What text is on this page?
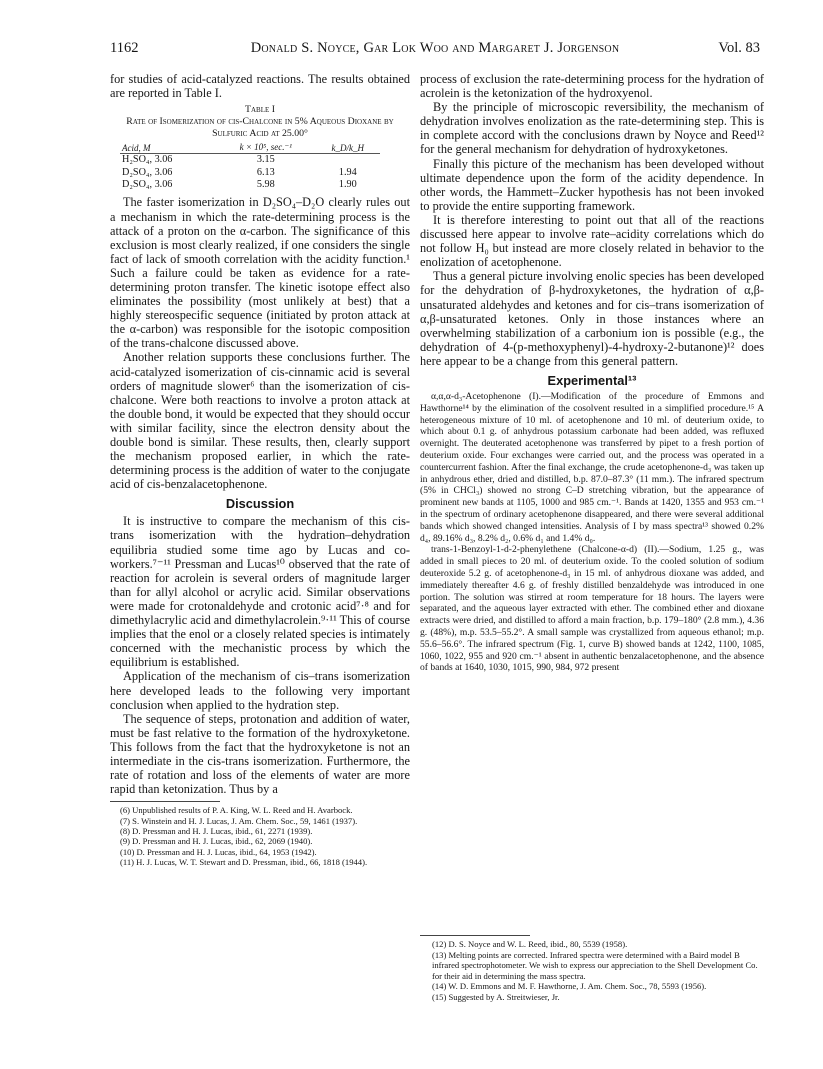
1162	Donald S. Noyce, Gar Lok Woo and Margaret J. Jorgenson	Vol. 83

for studies of acid-catalyzed reactions. The results obtained are reported in Table I.

Table I
Rate of Isomerization of cis-Chalcone in 5% Aqueous Dioxane by Sulfuric Acid at 25.00°
Acid, M	k × 10⁵, sec.⁻¹	k_D/k_H
H₂SO₄, 3.06	3.15	
D₂SO₄, 3.06	6.13	1.94
D₂SO₄, 3.06	5.98	1.90

The faster isomerization in D₂SO₄–D₂O clearly rules out a mechanism in which the rate-determining process is the attack of a proton on the α-carbon. The significance of this exclusion is most clearly realized, if one considers the single fact of lack of smooth correlation with the acidity function.¹ Such a failure could be taken as evidence for a rate-determining proton transfer. The kinetic isotope effect also eliminates the possibility (most unlikely at best) that a highly stereospecific sequence (initiated by proton attack at the α-carbon) was responsible for the isotopic composition of the trans-chalcone discussed above.

Another relation supports these conclusions further. The acid-catalyzed isomerization of cis-cinnamic acid is several orders of magnitude slower⁶ than the isomerization of cis-chalcone. Were both reactions to involve a proton attack at the double bond, it would be expected that they should occur with similar facility, since the electron density about the double bond is similar. These results, then, clearly support the mechanism proposed earlier, in which the rate-determining process is the addition of water to the conjugate acid of cis-benzalacetophenone.

Discussion

It is instructive to compare the mechanism of this cis-trans isomerization with the hydration–dehydration equilibria studied some time ago by Lucas and co-workers.⁷⁻¹¹ Pressman and Lucas¹⁰ observed that the rate of reaction for acrolein is several orders of magnitude larger than for allyl alcohol or acrylic acid. Similar observations were made for crotonaldehyde and crotonic acid⁷·⁸ and for dimethylacrylic acid and dimethylacrolein.⁹·¹¹ This of course implies that the enol or a closely related species is intimately concerned with the mechanistic process by which the equilibrium is established.

Application of the mechanism of cis–trans isomerization here developed leads to the following very important conclusion when applied to the hydration step.

The sequence of steps, protonation and addition of water, must be fast relative to the formation of the hydroxyketone. This follows from the fact that the hydroxyketone is not an intermediate in the cis-trans isomerization. Furthermore, the rate of rotation and loss of the elements of water are more rapid than ketonization. Thus by a

(6) Unpublished results of P. A. King, W. L. Reed and H. Avarbock.

(7) S. Winstein and H. J. Lucas, J. Am. Chem. Soc., 59, 1461 (1937).

(8) D. Pressman and H. J. Lucas, ibid., 61, 2271 (1939).

(9) D. Pressman and H. J. Lucas, ibid., 62, 2069 (1940).

(10) D. Pressman and H. J. Lucas, ibid., 64, 1953 (1942).

(11) H. J. Lucas, W. T. Stewart and D. Pressman, ibid., 66, 1818 (1944).

process of exclusion the rate-determining process for the hydration of acrolein is the ketonization of the hydroxyenol.

By the principle of microscopic reversibility, the mechanism of dehydration involves enolization as the rate-determining step. This is in complete accord with the conclusions drawn by Noyce and Reed¹² for the general mechanism for dehydration of hydroxyketones.

Finally this picture of the mechanism has been developed without ultimate dependence upon the form of the acidity dependence. In other words, the Hammett–Zucker hypothesis has not been invoked to provide the entire supporting framework.

It is therefore interesting to point out that all of the reactions discussed here appear to involve rate–acidity correlations which do not follow H₀ but instead are more closely related in behavior to the enolization of acetophenone.

Thus a general picture involving enolic species has been developed for the dehydration of β-hydroxyketones, the hydration of α,β-unsaturated aldehydes and ketones and for cis–trans isomerization of α,β-unsaturated ketones. Only in those instances where an overwhelming stabilization of a carbonium ion is possible (e.g., the dehydration of 4-(p-methoxyphenyl)-4-hydroxy-2-butanone)¹² does here appear to be a change from this general pattern.

Experimental¹³

α,α,α-d₃-Acetophenone (I).—Modification of the procedure of Emmons and Hawthorne¹⁴ by the elimination of the cosolvent resulted in a simplified procedure.¹⁵ A heterogeneous mixture of 10 ml. of acetophenone and 10 ml. of deuterium oxide, to which about 0.1 g. of anhydrous potassium carbonate had been added, was refluxed overnight. The deuterated acetophenone was transferred by pipet to a fresh portion of deuterium oxide. Four exchanges were carried out, and the process was operated in a countercurrent fashion. After the final exchange, the crude acetophenone-d₃ was taken up in anhydrous ether, dried and distilled, b.p. 87.0–87.3° (11 mm.). The infrared spectrum (5% in CHCl₃) showed no strong C–D stretching vibration, but the appearance of prominent new bands at 1105, 1000 and 985 cm.⁻¹. Bands at 1420, 1355 and 953 cm.⁻¹ in the spectrum of ordinary acetophenone disappeared, and there were several additional bands which showed changed intensities. Analysis of I by mass spectra¹³ showed 0.2% d₄, 89.16% d₃, 8.2% d₂, 0.6% d₁ and 1.4% d₀.

trans-1-Benzoyl-1-d-2-phenylethene (Chalcone-α-d) (II).—Sodium, 1.25 g., was added in small pieces to 20 ml. of deuterium oxide. To the cooled solution of sodium deuteroxide 5.2 g. of acetophenone-d₃ in 15 ml. of anhydrous dioxane was added, and immediately thereafter 4.6 g. of freshly distilled benzaldehyde was introduced in one portion. The solution was stirred at room temperature for 18 hours. The layers were separated, and the aqueous layer extracted with ether. The combined ether and dioxane extracts were dried, and distilled to afford a main fraction, b.p. 179–180° (2.8 mm.), 4.36 g. (48%), m.p. 53.5–55.2°. A small sample was crystallized from aqueous ethanol; m.p. 55.6–56.6°. The infrared spectrum (Fig. 1, curve B) showed bands at 1242, 1100, 1085, 1060, 1022, 955 and 920 cm.⁻¹ absent in authentic benzalacetophenone, and the absence of bands at 1640, 1030, 1015, 990, 984, 972 present

(12) D. S. Noyce and W. L. Reed, ibid., 80, 5539 (1958).

(13) Melting points are corrected. Infrared spectra were determined with a Baird model B infrared spectrophotometer. We wish to express our appreciation to the Shell Development Co. for their aid in determining the mass spectra.

(14) W. D. Emmons and M. F. Hawthorne, J. Am. Chem. Soc., 78, 5593 (1956).

(15) Suggested by A. Streitwieser, Jr.
